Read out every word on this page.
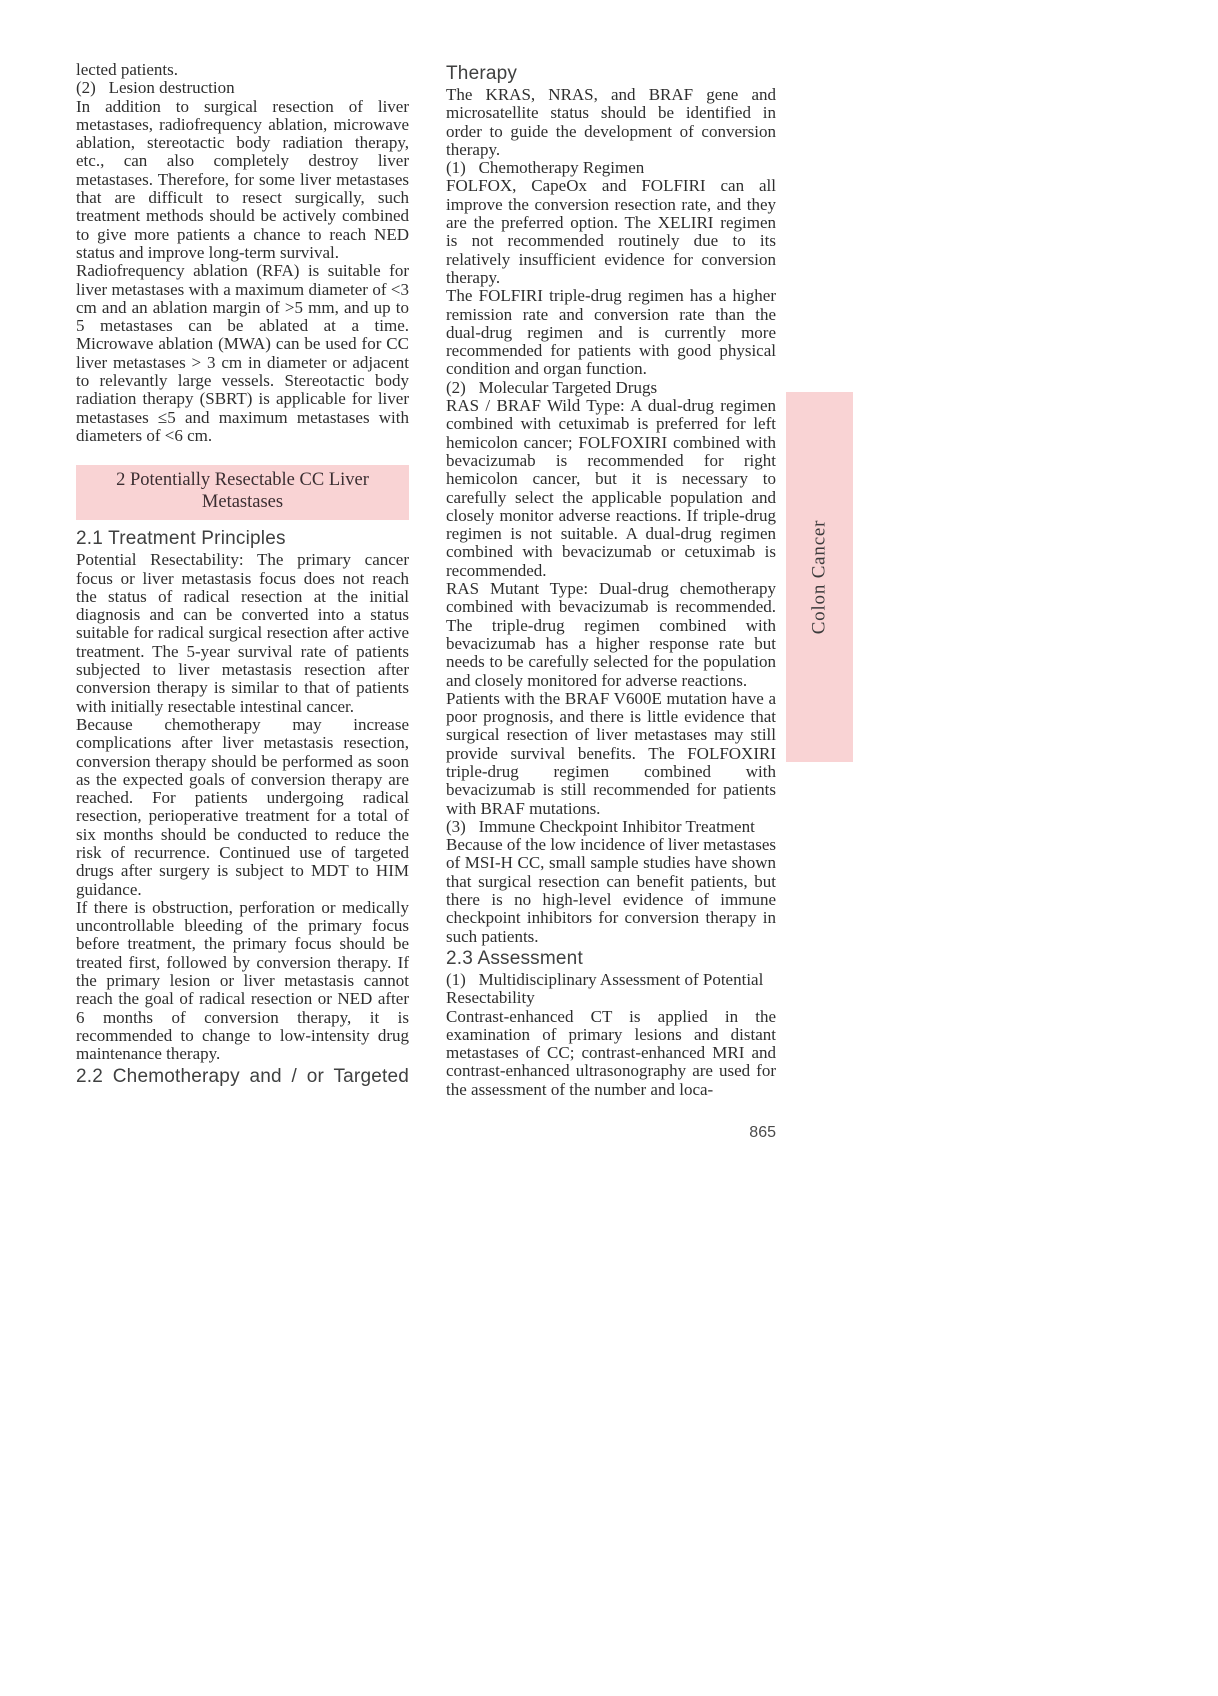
lected patients.

(2)   Lesion destruction

In addition to surgical resection of liver metastases, radiofrequency ablation, microwave ablation, stereotactic body radiation therapy, etc., can also completely destroy liver metastases. Therefore, for some liver metastases that are difficult to resect surgically, such treatment methods should be actively combined to give more patients a chance to reach NED status and improve long-term survival.

Radiofrequency ablation (RFA) is suitable for liver metastases with a maximum diameter of <3 cm and an ablation margin of >5 mm, and up to 5 metastases can be ablated at a time. Microwave ablation (MWA) can be used for CC liver metastases > 3 cm in diameter or adjacent to relevantly large vessels. Stereotactic body radiation therapy (SBRT) is applicable for liver metastases ≤5 and maximum metastases with diameters of <6 cm.

2 Potentially Resectable CC Liver Metastases
2.1 Treatment Principles

Potential Resectability: The primary cancer focus or liver metastasis focus does not reach the status of radical resection at the initial diagnosis and can be converted into a status suitable for radical surgical resection after active treatment. The 5-year survival rate of patients subjected to liver metastasis resection after conversion therapy is similar to that of patients with initially resectable intestinal cancer.

Because chemotherapy may increase complications after liver metastasis resection, conversion therapy should be performed as soon as the expected goals of conversion therapy are reached. For patients undergoing radical resection, perioperative treatment for a total of six months should be conducted to reduce the risk of recurrence. Continued use of targeted drugs after surgery is subject to MDT to HIM guidance.

If there is obstruction, perforation or medically uncontrollable bleeding of the primary focus before treatment, the primary focus should be treated first, followed by conversion therapy. If the primary lesion or liver metastasis cannot reach the goal of radical resection or NED after 6 months of conversion therapy, it is recommended to change to low-intensity drug maintenance therapy.

2.2 Chemotherapy and / or Targeted
Therapy

The KRAS, NRAS, and BRAF gene and microsatellite status should be identified in order to guide the development of conversion therapy.

(1)   Chemotherapy Regimen

FOLFOX, CapeOx and FOLFIRI can all improve the conversion resection rate, and they are the preferred option. The XELIRI regimen is not recommended routinely due to its relatively insufficient evidence for conversion therapy.

The FOLFIRI triple-drug regimen has a higher remission rate and conversion rate than the dual-drug regimen and is currently more recommended for patients with good physical condition and organ function.

(2)   Molecular Targeted Drugs

RAS / BRAF Wild Type: A dual-drug regimen combined with cetuximab is preferred for left hemicolon cancer; FOLFOXIRI combined with bevacizumab is recommended for right hemicolon cancer, but it is necessary to carefully select the applicable population and closely monitor adverse reactions. If triple-drug regimen is not suitable. A dual-drug regimen combined with bevacizumab or cetuximab is recommended.

RAS Mutant Type: Dual-drug chemotherapy combined with bevacizumab is recommended. The triple-drug regimen combined with bevacizumab has a higher response rate but needs to be carefully selected for the population and closely monitored for adverse reactions.

Patients with the BRAF V600E mutation have a poor prognosis, and there is little evidence that surgical resection of liver metastases may still provide survival benefits. The FOLFOXIRI triple-drug regimen combined with bevacizumab is still recommended for patients with BRAF mutations.

(3)   Immune Checkpoint Inhibitor Treatment

Because of the low incidence of liver metastases of MSI-H CC, small sample studies have shown that surgical resection can benefit patients, but there is no high-level evidence of immune checkpoint inhibitors for conversion therapy in such patients.

2.3 Assessment

(1)   Multidisciplinary Assessment of Potential Resectability

Contrast-enhanced CT is applied in the examination of primary lesions and distant metastases of CC; contrast-enhanced MRI and contrast-enhanced ultrasonography are used for the assessment of the number and loca-

Colon Cancer
865
